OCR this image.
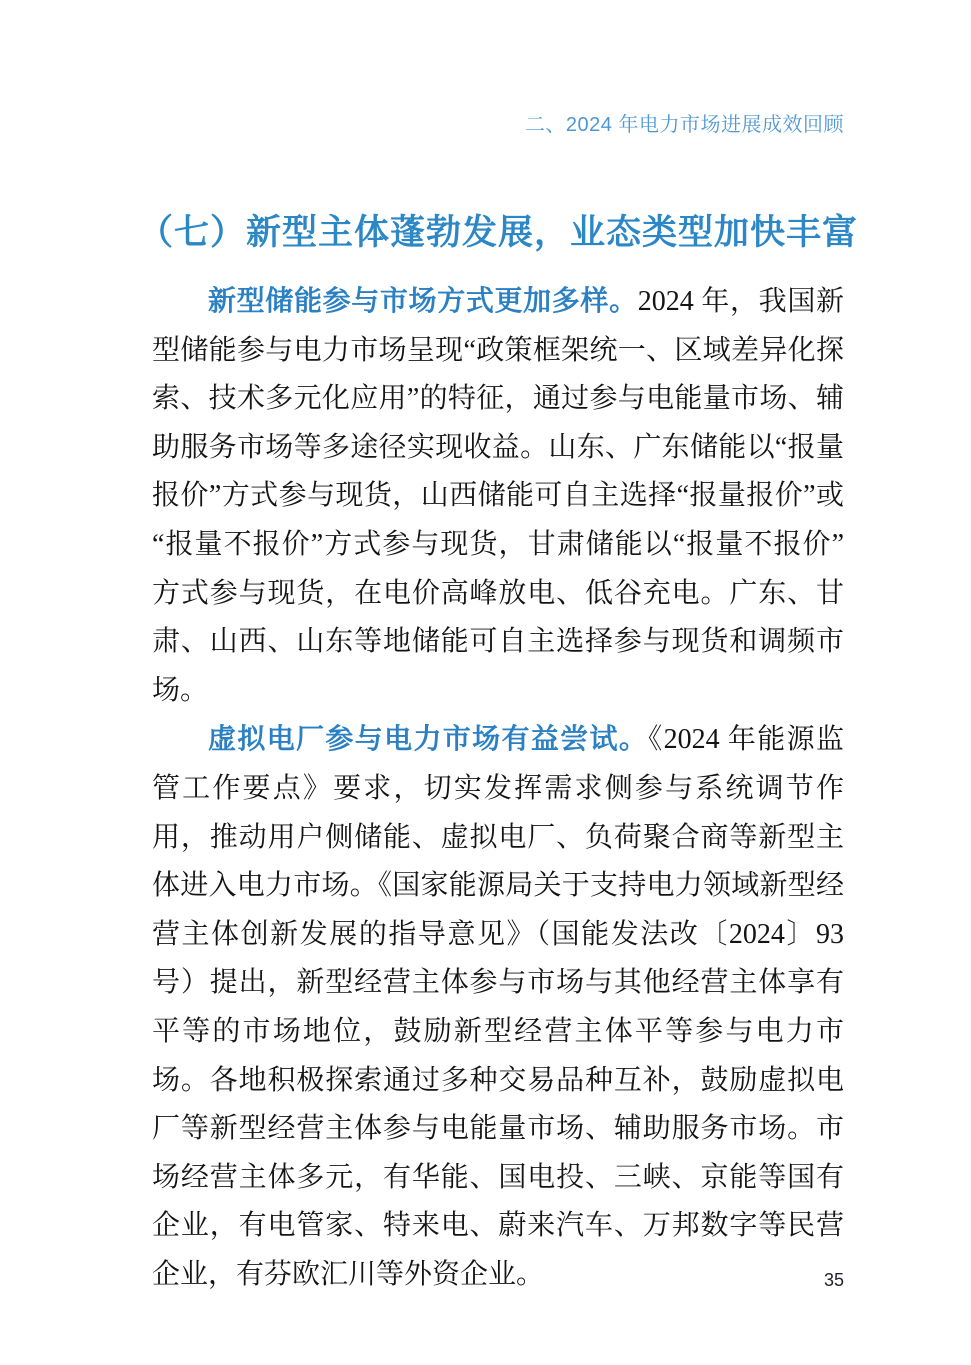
二、2024 年电力市场进展成效回顾
（七）新型主体蓬勃发展，业态类型加快丰富

新型储能参与市场方式更加多样。2024 年，我国新型储能参与电力市场呈现“政策框架统一、区域差异化探索、技术多元化应用”的特征，通过参与电能量市场、辅助服务市场等多途径实现收益。山东、广东储能以“报量报价”方式参与现货，山西储能可自主选择“报量报价”或“报量不报价”方式参与现货，甘肃储能以“报量不报价”方式参与现货，在电价高峰放电、低谷充电。广东、甘肃、山西、山东等地储能可自主选择参与现货和调频市场。

虚拟电厂参与电力市场有益尝试。《2024 年能源监管工作要点》要求，切实发挥需求侧参与系统调节作用，推动用户侧储能、虚拟电厂、负荷聚合商等新型主体进入电力市场。《国家能源局关于支持电力领域新型经营主体创新发展的指导意见》（国能发法改〔2024〕93 号）提出，新型经营主体参与市场与其他经营主体享有平等的市场地位，鼓励新型经营主体平等参与电力市场。各地积极探索通过多种交易品种互补，鼓励虚拟电厂等新型经营主体参与电能量市场、辅助服务市场。市场经营主体多元，有华能、国电投、三峡、京能等国有企业，有电管家、特来电、蔚来汽车、万邦数字等民营企业，有芬欧汇川等外资企业。	35
